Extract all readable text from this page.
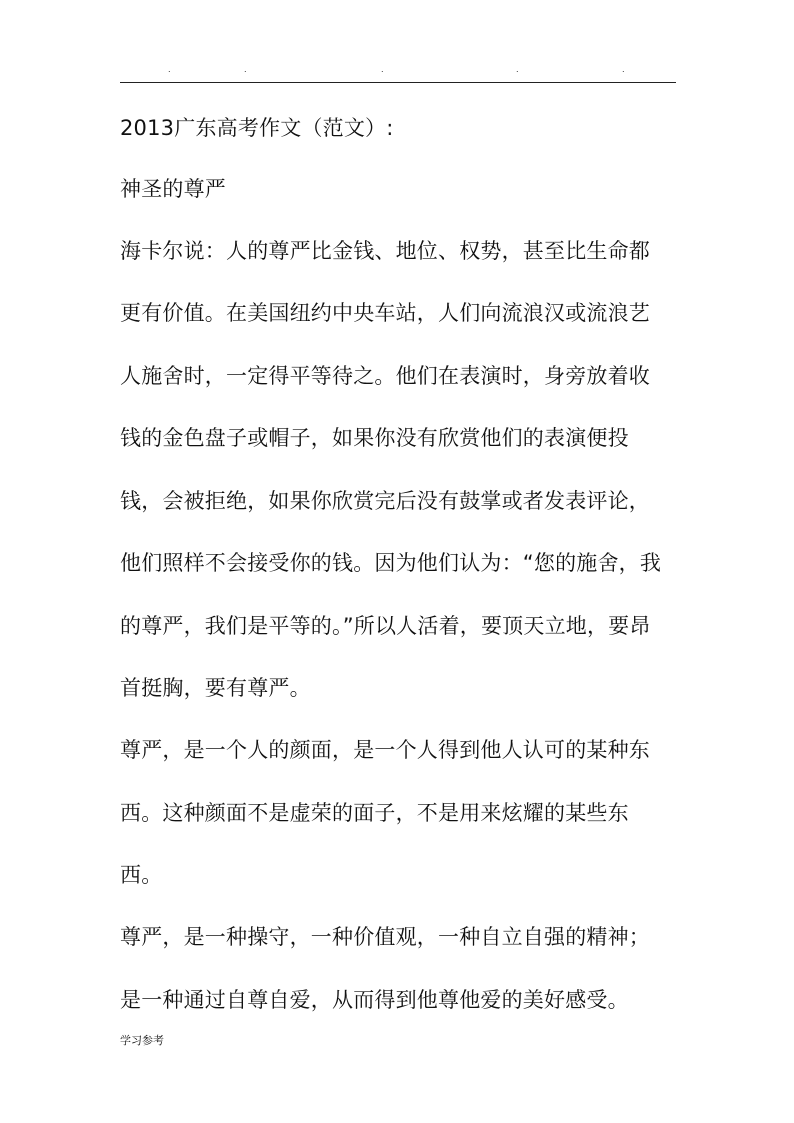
.	.	.	.	.
2013广东高考作文（范文）:
神圣的尊严
海卡尔说：人的尊严比金钱、地位、权势，甚至比生命都
更有价值。在美国纽约中央车站，人们向流浪汉或流浪艺
人施舍时，一定得平等待之。他们在表演时，身旁放着收
钱的金色盘子或帽子，如果你没有欣赏他们的表演便投
钱，会被拒绝，如果你欣赏完后没有鼓掌或者发表评论，
他们照样不会接受你的钱。因为他们认为：“您的施舍，我
的尊严，我们是平等的。”所以人活着，要顶天立地，要昂
首挺胸，要有尊严。
尊严，是一个人的颜面，是一个人得到他人认可的某种东
西。这种颜面不是虚荣的面子，不是用来炫耀的某些东
西。
尊严，是一种操守，一种价值观，一种自立自强的精神；
是一种通过自尊自爱，从而得到他尊他爱的美好感受。
学习参考
